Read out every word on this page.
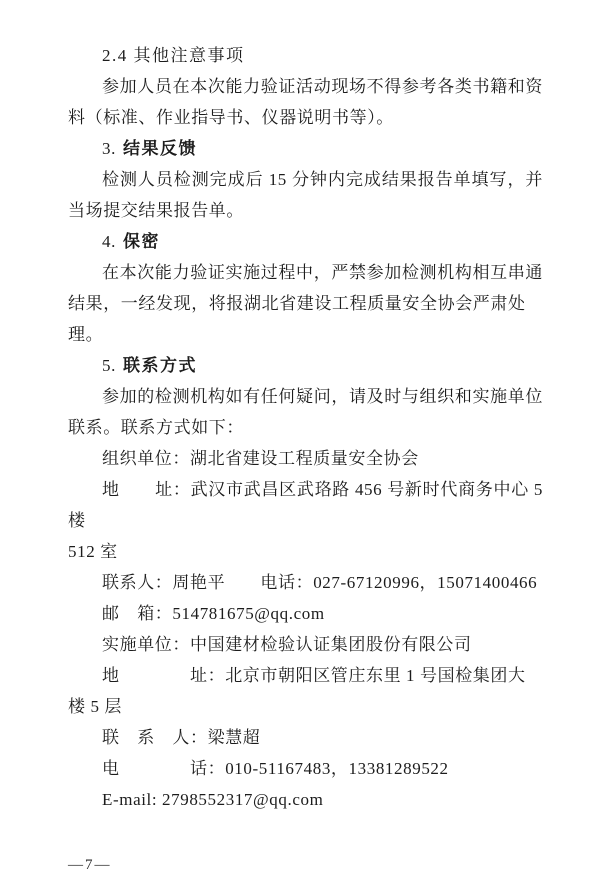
2.4 其他注意事项
参加人员在本次能力验证活动现场不得参考各类书籍和资
料（标准、作业指导书、仪器说明书等）。
3. 结果反馈
检测人员检测完成后 15 分钟内完成结果报告单填写，并
当场提交结果报告单。
4. 保密
在本次能力验证实施过程中，严禁参加检测机构相互串通
结果，一经发现，将报湖北省建设工程质量安全协会严肃处理。
5. 联系方式
参加的检测机构如有任何疑问，请及时与组织和实施单位
联系。联系方式如下：
组织单位：湖北省建设工程质量安全协会
地　　址：武汉市武昌区武珞路 456 号新时代商务中心 5 楼
512 室
联系人：周艳平　　电话：027-67120996，15071400466
邮　箱：514781675@qq.com
实施单位：中国建材检验认证集团股份有限公司
地　　　　址：北京市朝阳区管庄东里 1 号国检集团大楼 5 层
联　系　人：梁慧超
电　　　　话：010-51167483，13381289522
E-mail: 2798552317@qq.com
—7—
